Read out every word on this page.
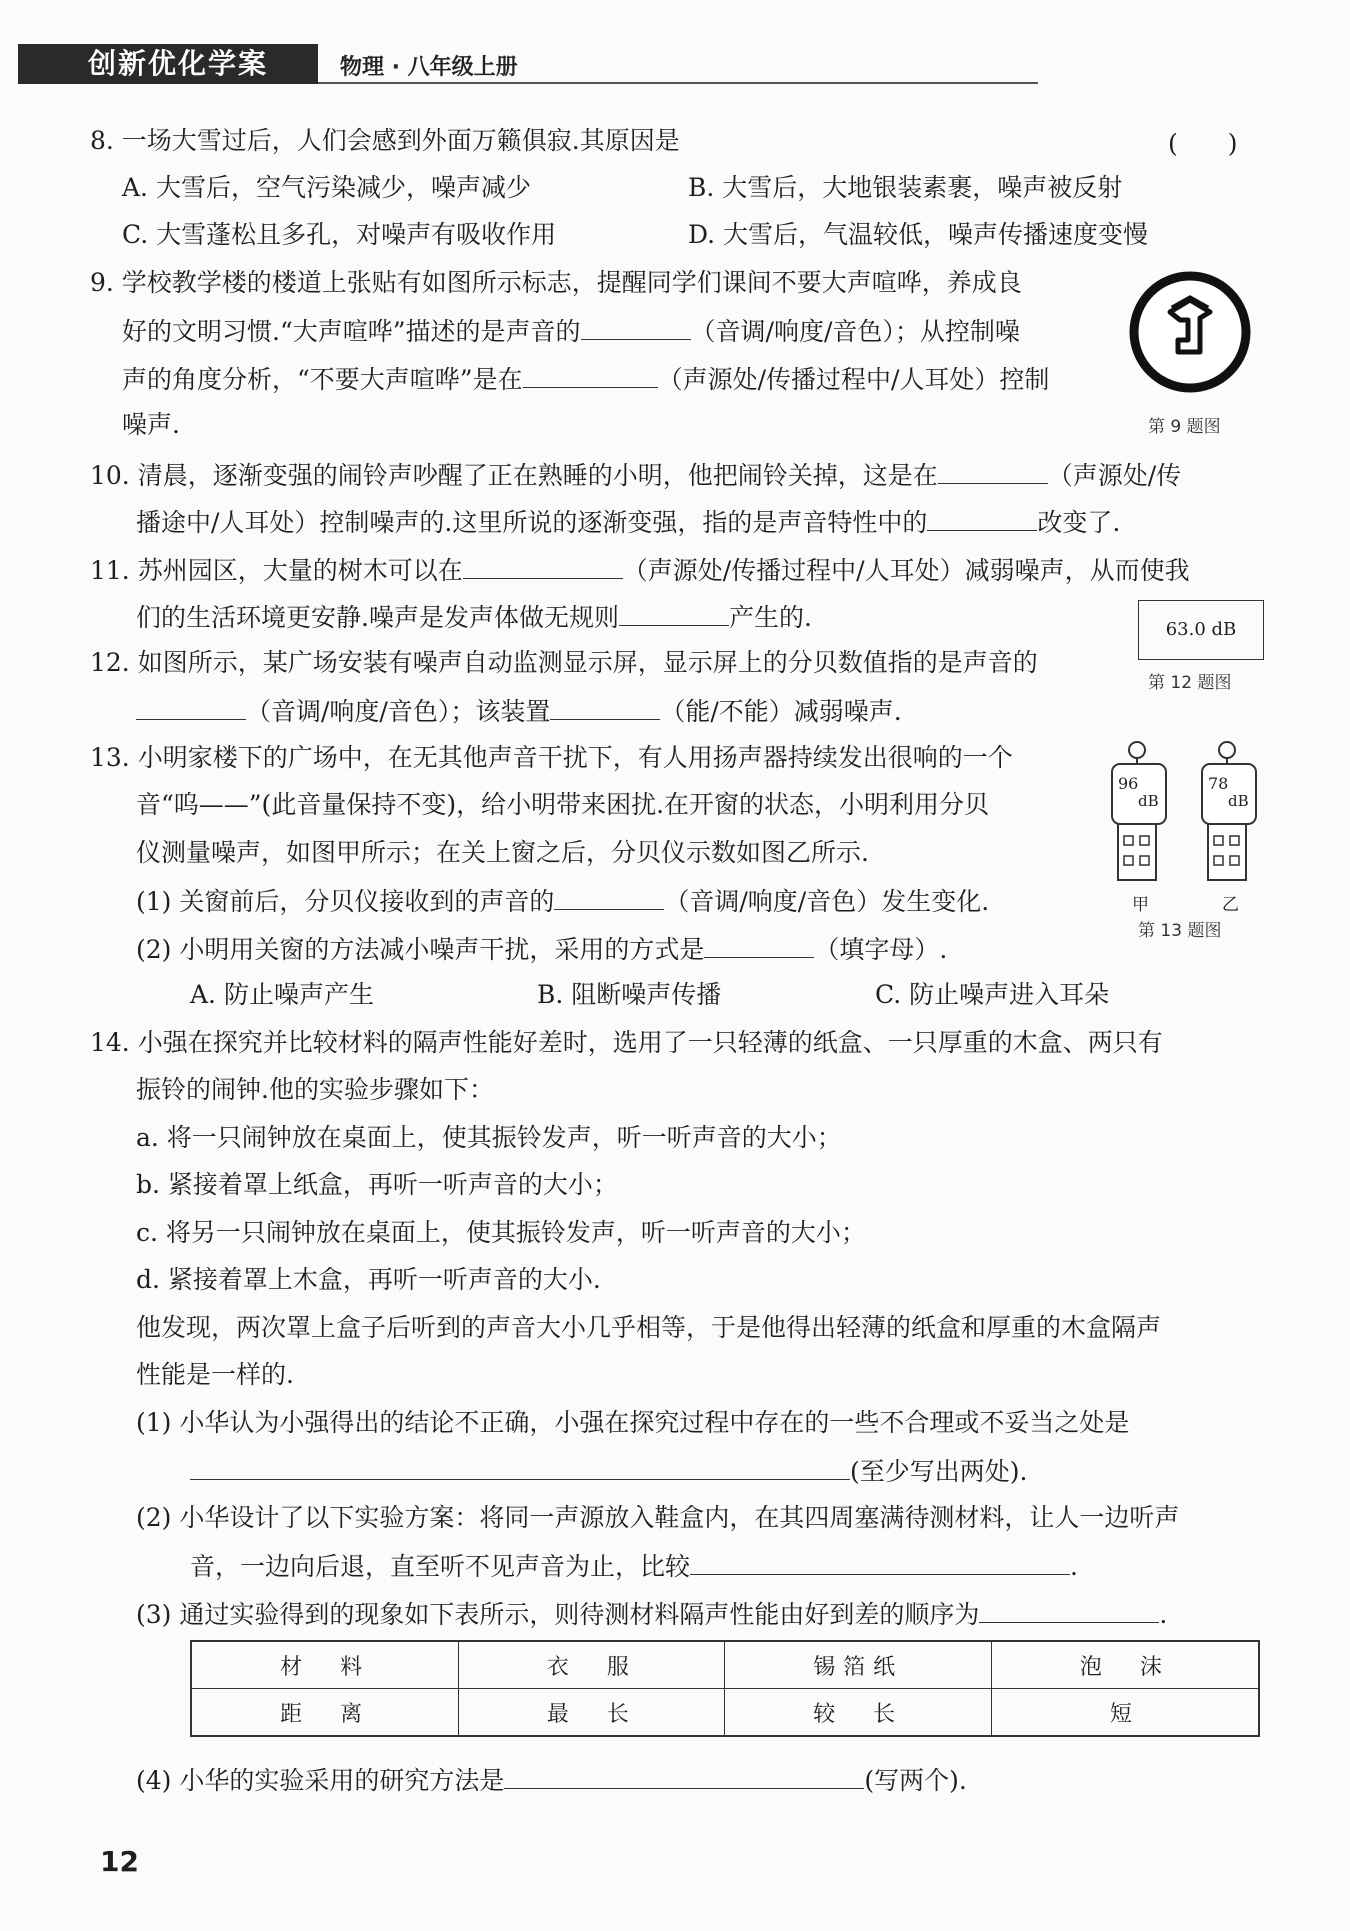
创新优化学案	物理 · 八年级上册
8. 一场大雪过后，人们会感到外面万籁俱寂.其原因是	(　　)
A. 大雪后，空气污染减少，噪声减少	B. 大雪后，大地银装素裹，噪声被反射
C. 大雪蓬松且多孔，对噪声有吸收作用	D. 大雪后，气温较低，噪声传播速度变慢
9. 学校教学楼的楼道上张贴有如图所示标志，提醒同学们课间不要大声喧哗，养成良
好的文明习惯.“大声喧哗”描述的是声音的	（音调/响度/音色）；从控制噪
声的角度分析，“不要大声喧哗”是在	（声源处/传播过程中/人耳处）控制
噪声.	第 9 题图
10. 清晨，逐渐变强的闹铃声吵醒了正在熟睡的小明，他把闹铃关掉，这是在	（声源处/传
播途中/人耳处）控制噪声的.这里所说的逐渐变强，指的是声音特性中的	改变了.
11. 苏州园区，大量的树木可以在	（声源处/传播过程中/人耳处）减弱噪声，从而使我
们的生活环境更安静.噪声是发声体做无规则	产生的.	63.0 dB
第 12 题图
12. 如图所示，某广场安装有噪声自动监测显示屏，显示屏上的分贝数值指的是声音的
（音调/响度/音色）；该装置	（能/不能）减弱噪声.
13. 小明家楼下的广场中，在无其他声音干扰下，有人用扬声器持续发出很响的一个
音“呜——”(此音量保持不变)，给小明带来困扰.在开窗的状态，小明利用分贝
仪测量噪声，如图甲所示；在关上窗之后，分贝仪示数如图乙所示.
(1) 关窗前后，分贝仪接收到的声音的	（音调/响度/音色）发生变化.
(2) 小明用关窗的方法减小噪声干扰，采用的方式是	（填字母）.
A. 防止噪声产生	B. 阻断噪声传播	C. 防止噪声进入耳朵
96
dB
78
dB
甲	乙
第 13 题图
14. 小强在探究并比较材料的隔声性能好差时，选用了一只轻薄的纸盒、一只厚重的木盒、两只有
振铃的闹钟.他的实验步骤如下：
a. 将一只闹钟放在桌面上，使其振铃发声，听一听声音的大小；
b. 紧接着罩上纸盒，再听一听声音的大小；
c. 将另一只闹钟放在桌面上，使其振铃发声，听一听声音的大小；
d. 紧接着罩上木盒，再听一听声音的大小.
他发现，两次罩上盒子后听到的声音大小几乎相等，于是他得出轻薄的纸盒和厚重的木盒隔声
性能是一样的.
(1) 小华认为小强得出的结论不正确，小强在探究过程中存在的一些不合理或不妥当之处是
(至少写出两处).
(2) 小华设计了以下实验方案：将同一声源放入鞋盒内，在其四周塞满待测材料，让人一边听声
音，一边向后退，直至听不见声音为止，比较	.
(3) 通过实验得到的现象如下表所示，则待测材料隔声性能由好到差的顺序为	.
材　料	衣　服	锡箔纸	泡　沫
距　离	最　长	较　长	短
(4) 小华的实验采用的研究方法是	(写两个).
12
